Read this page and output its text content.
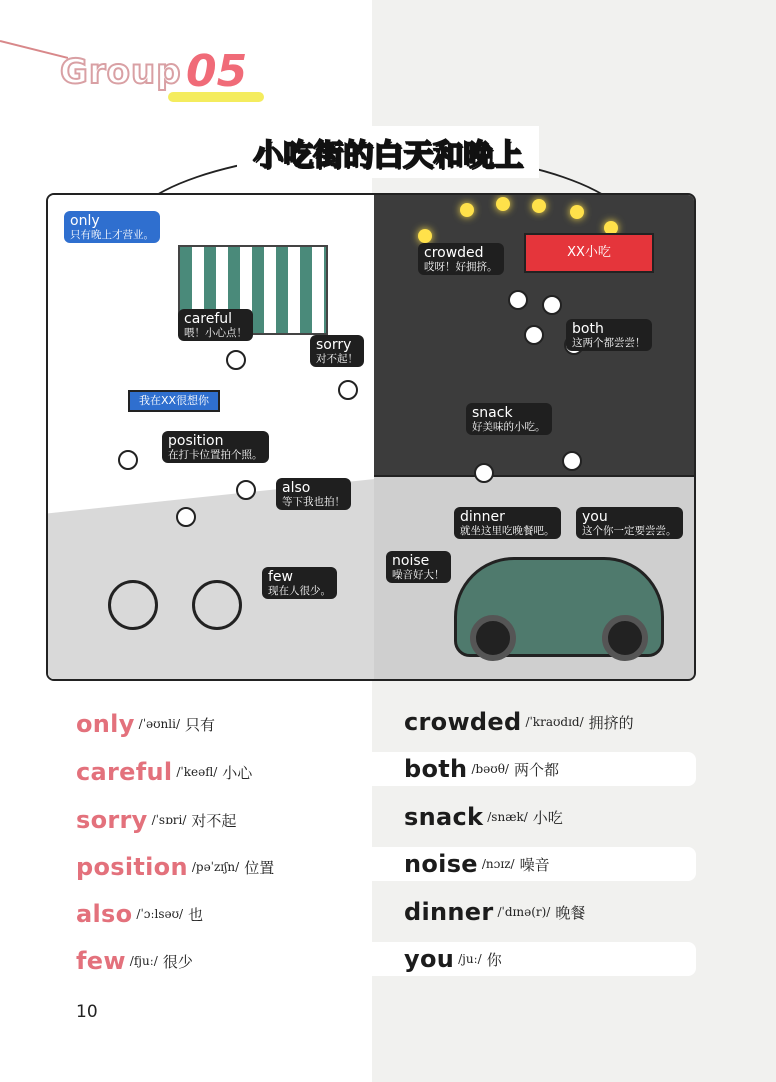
Group 05
小吃街的白天和晚上
我在XX很想你
XX小吃
only
只有晚上才营业。
careful
喂！小心点！
sorry
对不起！
position
在打卡位置拍个照。
also
等下我也拍！
few
现在人很少。
crowded
哎呀！好拥挤。
both
这两个都尝尝！
snack
好美味的小吃。
dinner
就坐这里吃晚餐吧。
you
这个你一定要尝尝。
noise
噪音好大！
only /ˈəʊnli/ 只有
careful /ˈkeəfl/ 小心
sorry /ˈsɒri/ 对不起
position /pəˈzɪʃn/ 位置
also /ˈɔːlsəʊ/ 也
few /fjuː/ 很少
crowded /ˈkraʊdɪd/ 拥挤的
both /bəʊθ/ 两个都
snack /snæk/ 小吃
noise /nɔɪz/ 噪音
dinner /ˈdɪnə(r)/ 晚餐
you /juː/ 你
10
